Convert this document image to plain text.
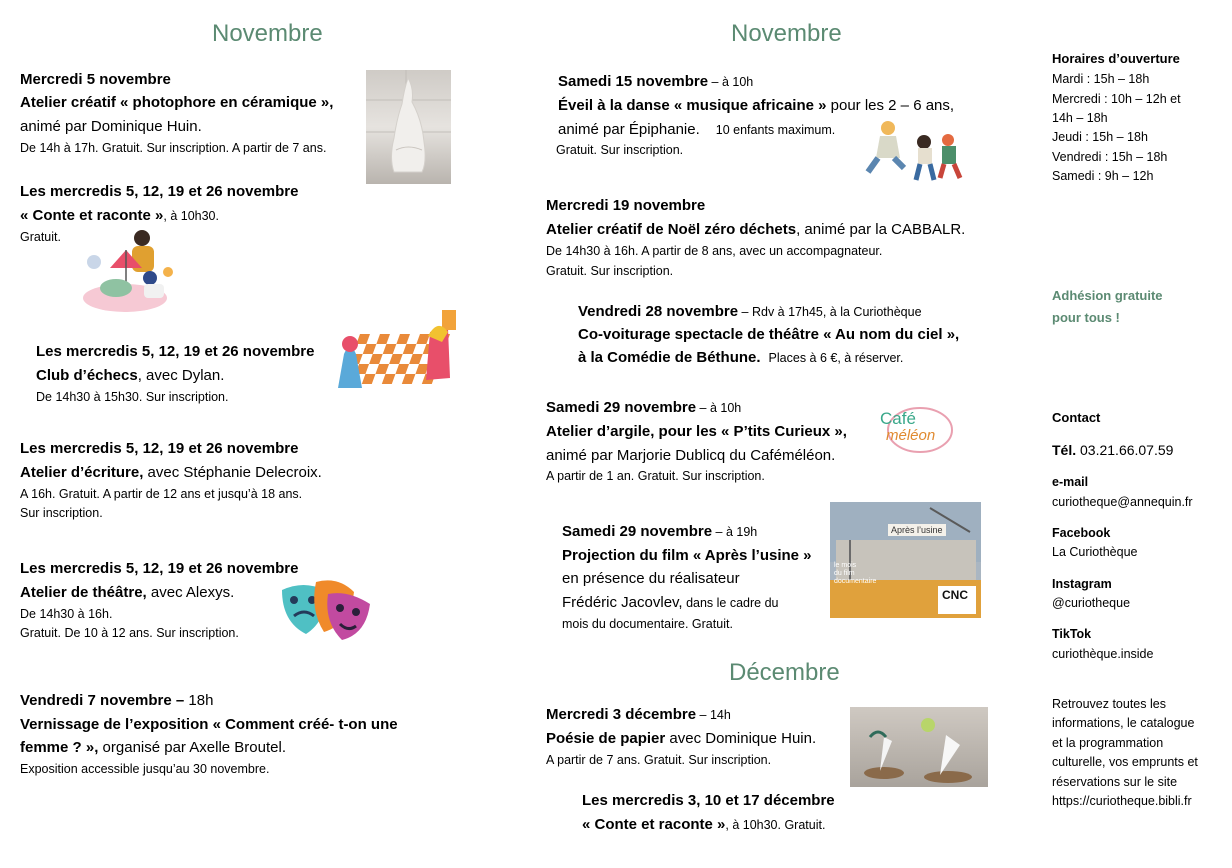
Novembre	Novembre
Décembre
Mercredi 5 novembre
Atelier créatif « photophore en céramique »,
animé par Dominique Huin.
De 14h à 17h. Gratuit. Sur inscription. A partir de 7 ans.
Les mercredis 5, 12, 19 et 26 novembre
« Conte et raconte », à 10h30.
Gratuit.
Les mercredis 5, 12, 19 et 26 novembre
Club d’échecs, avec Dylan.
De 14h30 à 15h30. Sur inscription.
Les mercredis 5, 12, 19 et 26 novembre
Atelier d’écriture, avec Stéphanie Delecroix.
A 16h. Gratuit. A partir de 12 ans et jusqu’à 18 ans.
Sur inscription.
Les mercredis 5, 12, 19 et 26 novembre
Atelier de théâtre, avec Alexys.
De 14h30 à 16h.
Gratuit. De 10 à 12 ans. Sur inscription.
Vendredi 7 novembre – 18h
Vernissage de l’exposition « Comment créé- t-on une
femme ? », organisé par Axelle Broutel.
Exposition accessible jusqu’au 30 novembre.
Samedi 15 novembre – à 10h
Éveil à la danse « musique africaine » pour les 2 – 6 ans,
animé par Épiphanie. 10 enfants maximum.
Gratuit. Sur inscription.
Mercredi 19 novembre
Atelier créatif de Noël zéro déchets, animé par la CABBALR.
De 14h30 à 16h. A partir de 8 ans, avec un accompagnateur.
Gratuit. Sur inscription.
Vendredi 28 novembre – Rdv à 17h45, à la Curiothèque
Co-voiturage spectacle de théâtre « Au nom du ciel »,
à la Comédie de Béthune. Places à 6 €, à réserver.
Samedi 29 novembre – à 10h
Atelier d’argile, pour les « P’tits Curieux »,
animé par Marjorie Dublicq du Caféméléon.
A partir de 1 an. Gratuit. Sur inscription.
Café
méléon
Samedi 29 novembre – à 19h
Projection du film « Après l’usine »
en présence du réalisateur
Frédéric Jacovlev, dans le cadre du
mois du documentaire. Gratuit.
Après l’usine
le mois
du film
documentaire
CNC
Mercredi 3 décembre – 14h
Poésie de papier avec Dominique Huin.
A partir de 7 ans. Gratuit. Sur inscription.
Les mercredis 3, 10 et 17 décembre
« Conte et raconte », à 10h30. Gratuit.
Horaires d’ouverture
Mardi : 15h – 18h
Mercredi : 10h – 12h et
14h – 18h
Jeudi : 15h – 18h
Vendredi : 15h – 18h
Samedi : 9h – 12h
Adhésion gratuite
pour tous !
Contact
Tél. 03.21.66.07.59
e-mail
curiotheque@annequin.fr
Facebook
La Curiothèque
Instagram
@curiotheque
TikTok
curiothèque.inside
Retrouvez toutes les
informations, le catalogue
et la programmation
culturelle, vos emprunts et
réservations sur le site
https://curiotheque.bibli.fr
